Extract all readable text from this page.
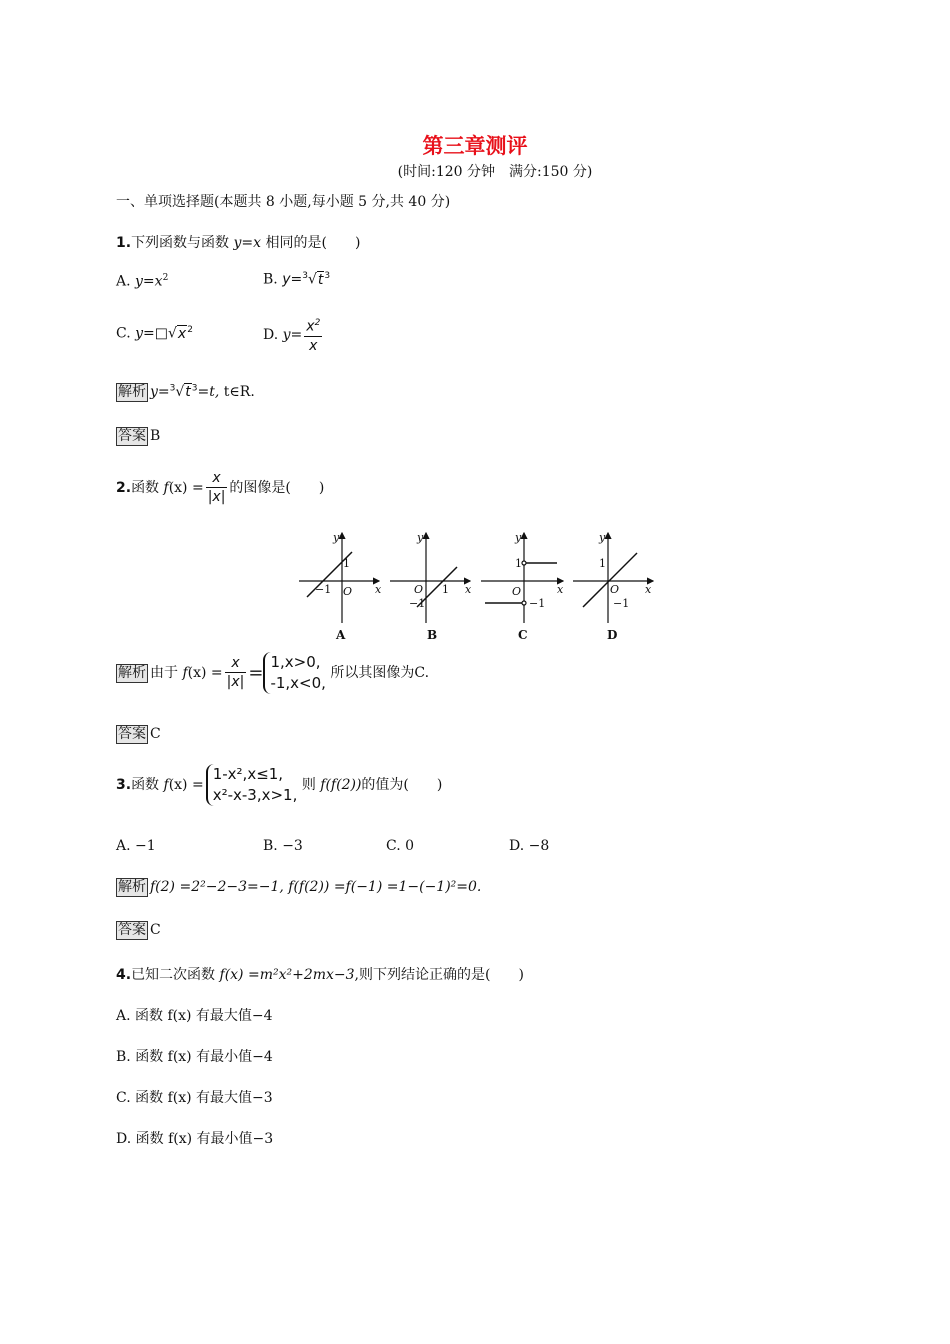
第三章测评
(时间:120 分钟　满分:150 分)
一、单项选择题(本题共 8 小题,每小题 5 分,共 40 分)
1.下列函数与函数 y=x 相同的是(　　)
A. $y=x^2$	B. $y=^3√t^3$
C. $y=□√x^2$	D. $y= \frac{x^2}{x}$
解析 $y=^3√t^3=t$, t∈R.
答案 B
2.函数 $f(x) = \frac{x}{|x|}$ 的图像是(　　)
y
x
O
1
−1
y
x
O 1
−1
y
x
O
1
−1
y
x
O
1
−1
A	B	C	D
解析 由于 $f(x) = \frac{x}{|x|}$ =
1,x>0,
-1,x<0,
所以其图像为C.
答案 C
3.函数 f(x) =
1-x²,x≤1,
x²-x-3,x>1,
则 f(f(2))的值为(　　)
A. −1	B. −3	C. 0	D. −8
解析 f(2) =2²−2−3=−1, f(f(2)) =f(−1) =1−(−1)²=0.
答案 C
4.已知二次函数 f(x) =m²x²+2mx−3,则下列结论正确的是(　　)
A. 函数 f(x) 有最大值−4
B. 函数 f(x) 有最小值−4
C. 函数 f(x) 有最大值−3
D. 函数 f(x) 有最小值−3
